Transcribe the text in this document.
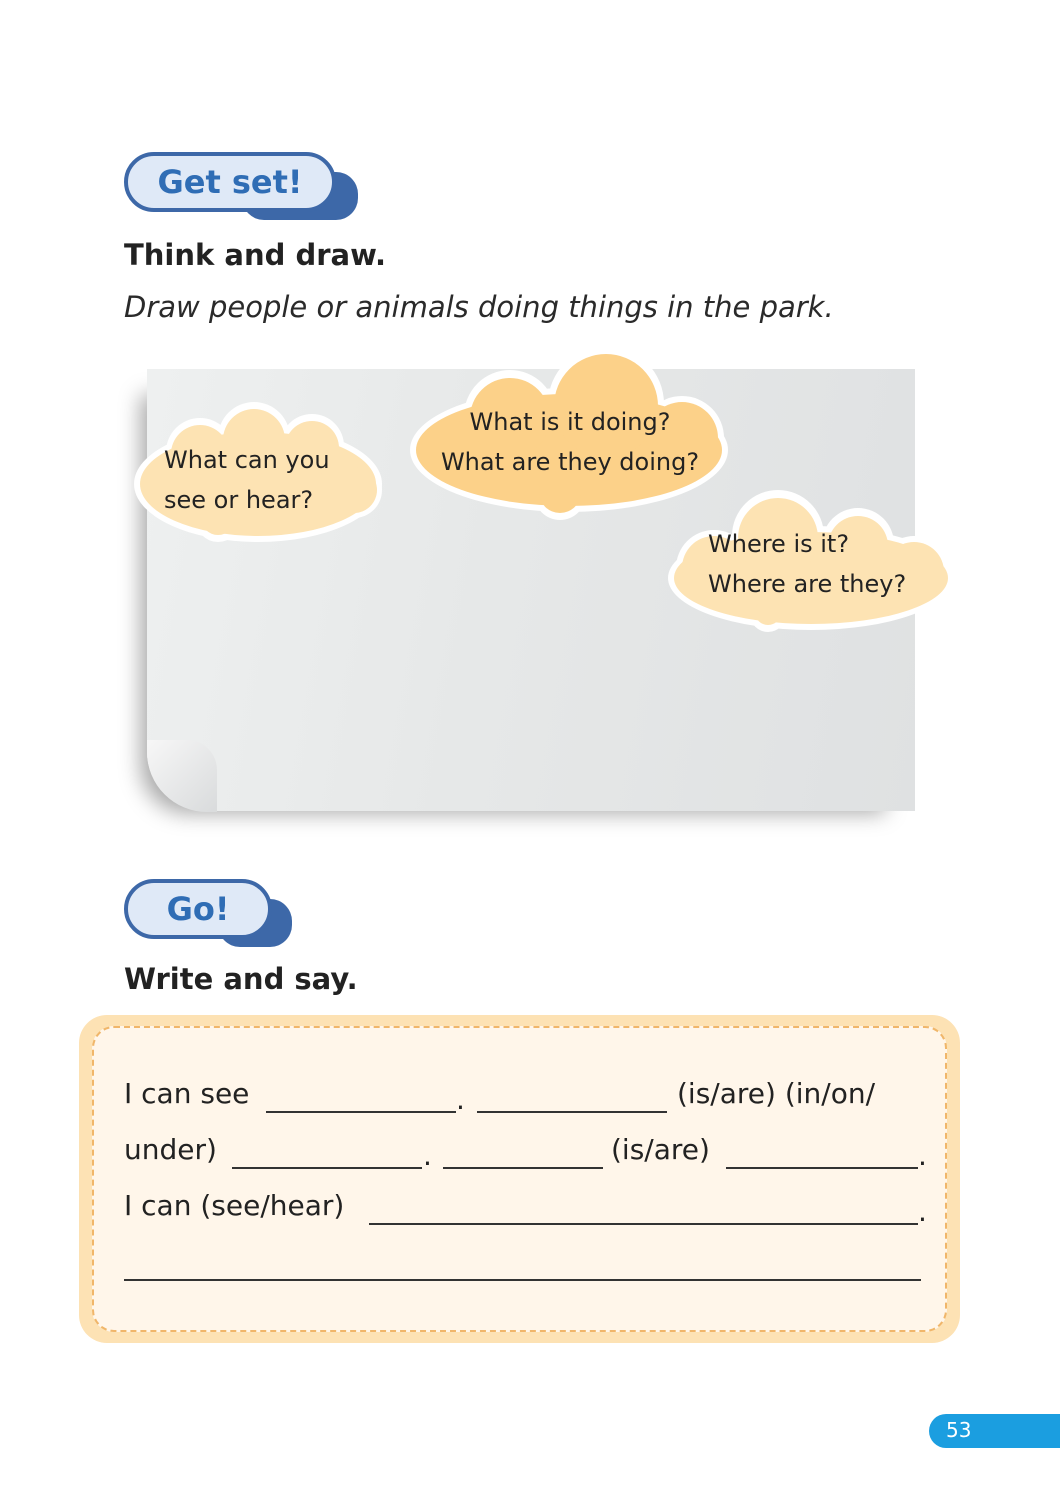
Get set!
Think and draw.
Draw people or animals doing things in the park.
What can you
see or hear?
What is it doing?
What are they doing?
Where is it?
Where are they?
Go!
Write and say.
I can see	.	(is/are) (in/on/
under)	.	(is/are)	.
I can (see/hear)	.
53
